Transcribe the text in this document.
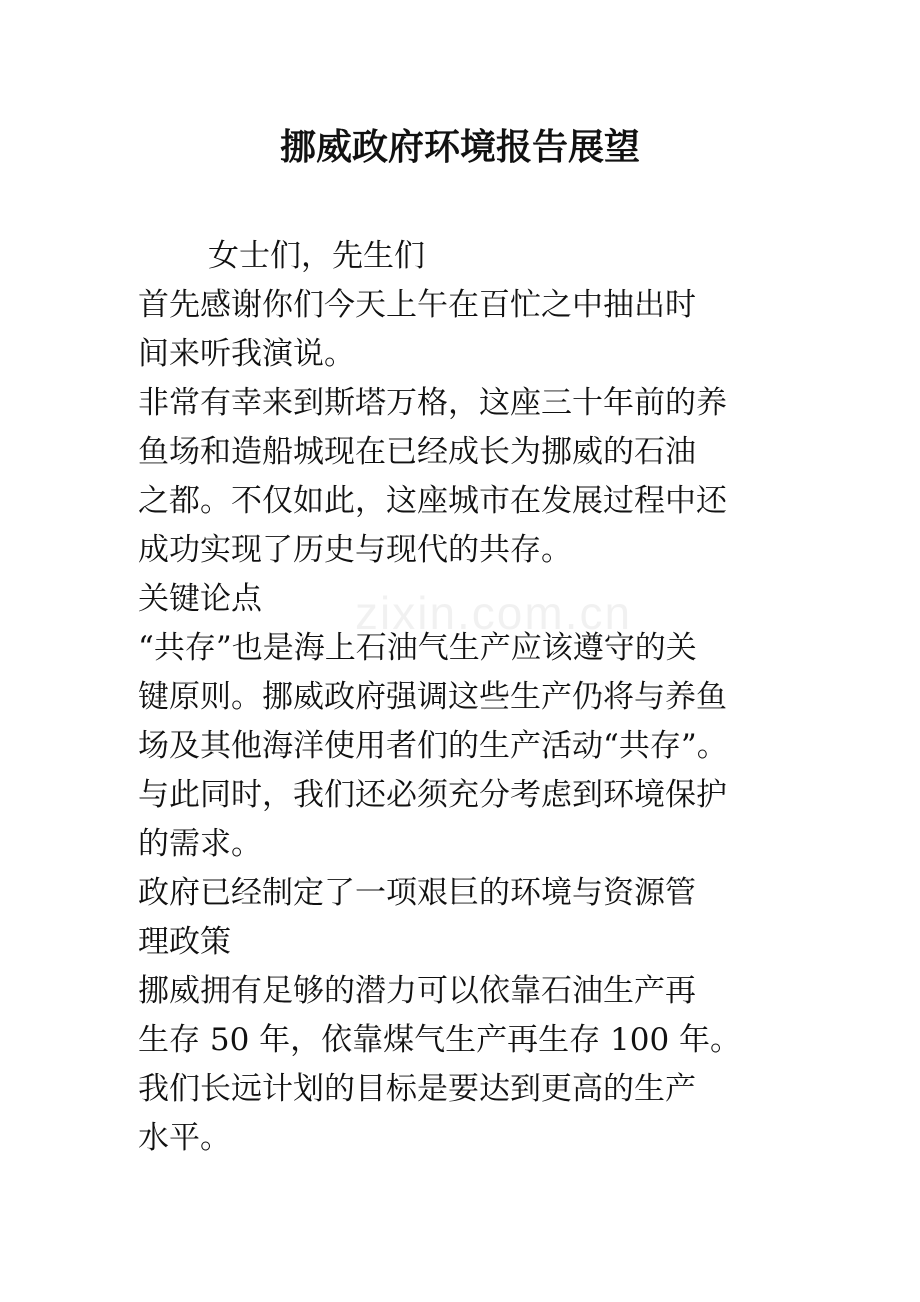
挪威政府环境报告展望
zixin.com.cn
女士们，先生们
首先感谢你们今天上午在百忙之中抽出时
间来听我演说。
非常有幸来到斯塔万格，这座三十年前的养
鱼场和造船城现在已经成长为挪威的石油
之都。不仅如此，这座城市在发展过程中还
成功实现了历史与现代的共存。
关键论点
“共存”也是海上石油气生产应该遵守的关
键原则。挪威政府强调这些生产仍将与养鱼
场及其他海洋使用者们的生产活动“共存”。
与此同时，我们还必须充分考虑到环境保护
的需求。
政府已经制定了一项艰巨的环境与资源管
理政策
挪威拥有足够的潜力可以依靠石油生产再
生存 50 年，依靠煤气生产再生存 100 年。
我们长远计划的目标是要达到更高的生产
水平。
